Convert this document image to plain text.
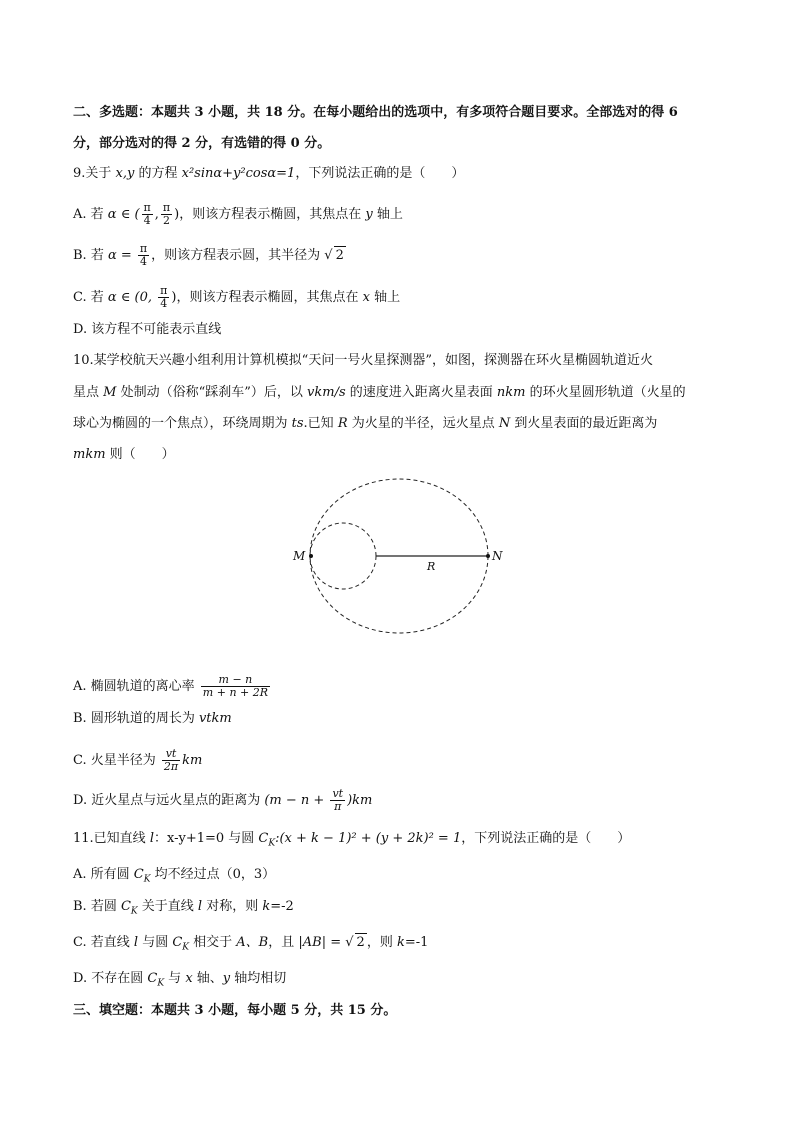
二、多选题：本题共 3 小题，共 18 分。在每小题给出的选项中，有多项符合题目要求。全部选对的得 6
分，部分选对的得 2 分，有选错的得 0 分。
9.关于 x,y 的方程 x²sinα+y²cosα=1，下列说法正确的是（　　）
A. 若 α ∈ ( $\frac{\pi}{4}$ , $\frac{\pi}{2}$ )，则该方程表示椭圆，其焦点在 y 轴上
B. 若 $\alpha = \frac{\pi}{4}$ ，则该方程表示圆，其半径为 √ 2
C. 若 α ∈ (0, $\frac{\pi}{4}$ )，则该方程表示椭圆，其焦点在 x 轴上
D. 该方程不可能表示直线
10.某学校航天兴趣小组利用计算机模拟“天问一号火星探测器”，如图，探测器在环火星椭圆轨道近火
星点 M 处制动（俗称“踩刹车”）后，以 vkm/s 的速度进入距离火星表面 nkm 的环火星圆形轨道（火星的
球心为椭圆的一个焦点），环绕周期为 ts.已知 R 为火星的半径，远火星点 N 到火星表面的最近距离为
mkm 则（　　）
M	N
R
A. 椭圆轨道的离心率 $\frac{m - n}{m + n + 2R}$
B. 圆形轨道的周长为 vtkm
C. 火星半径为 $\frac{vt}{2\pi}$ km
D. 近火星点与远火星点的距离为 $(m - n + \frac{vt}{\pi} )km$
11.已知直线 l：x-y+1=0 与圆 $C_K:(x + k - 1)^2 + (y + 2k)^2 = 1$，下列说法正确的是（　　）
A. 所有圆 $C_K$ 均不经过点（0，3）
B. 若圆 $C_K$ 关于直线 l 对称，则 k=-2
C. 若直线 l 与圆 $C_K$ 相交于 A、B，且 |AB| = √ 2 ，则 k=-1
D. 不存在圆 $C_K$ 与 x 轴、y 轴均相切
三、填空题：本题共 3 小题，每小题 5 分，共 15 分。
